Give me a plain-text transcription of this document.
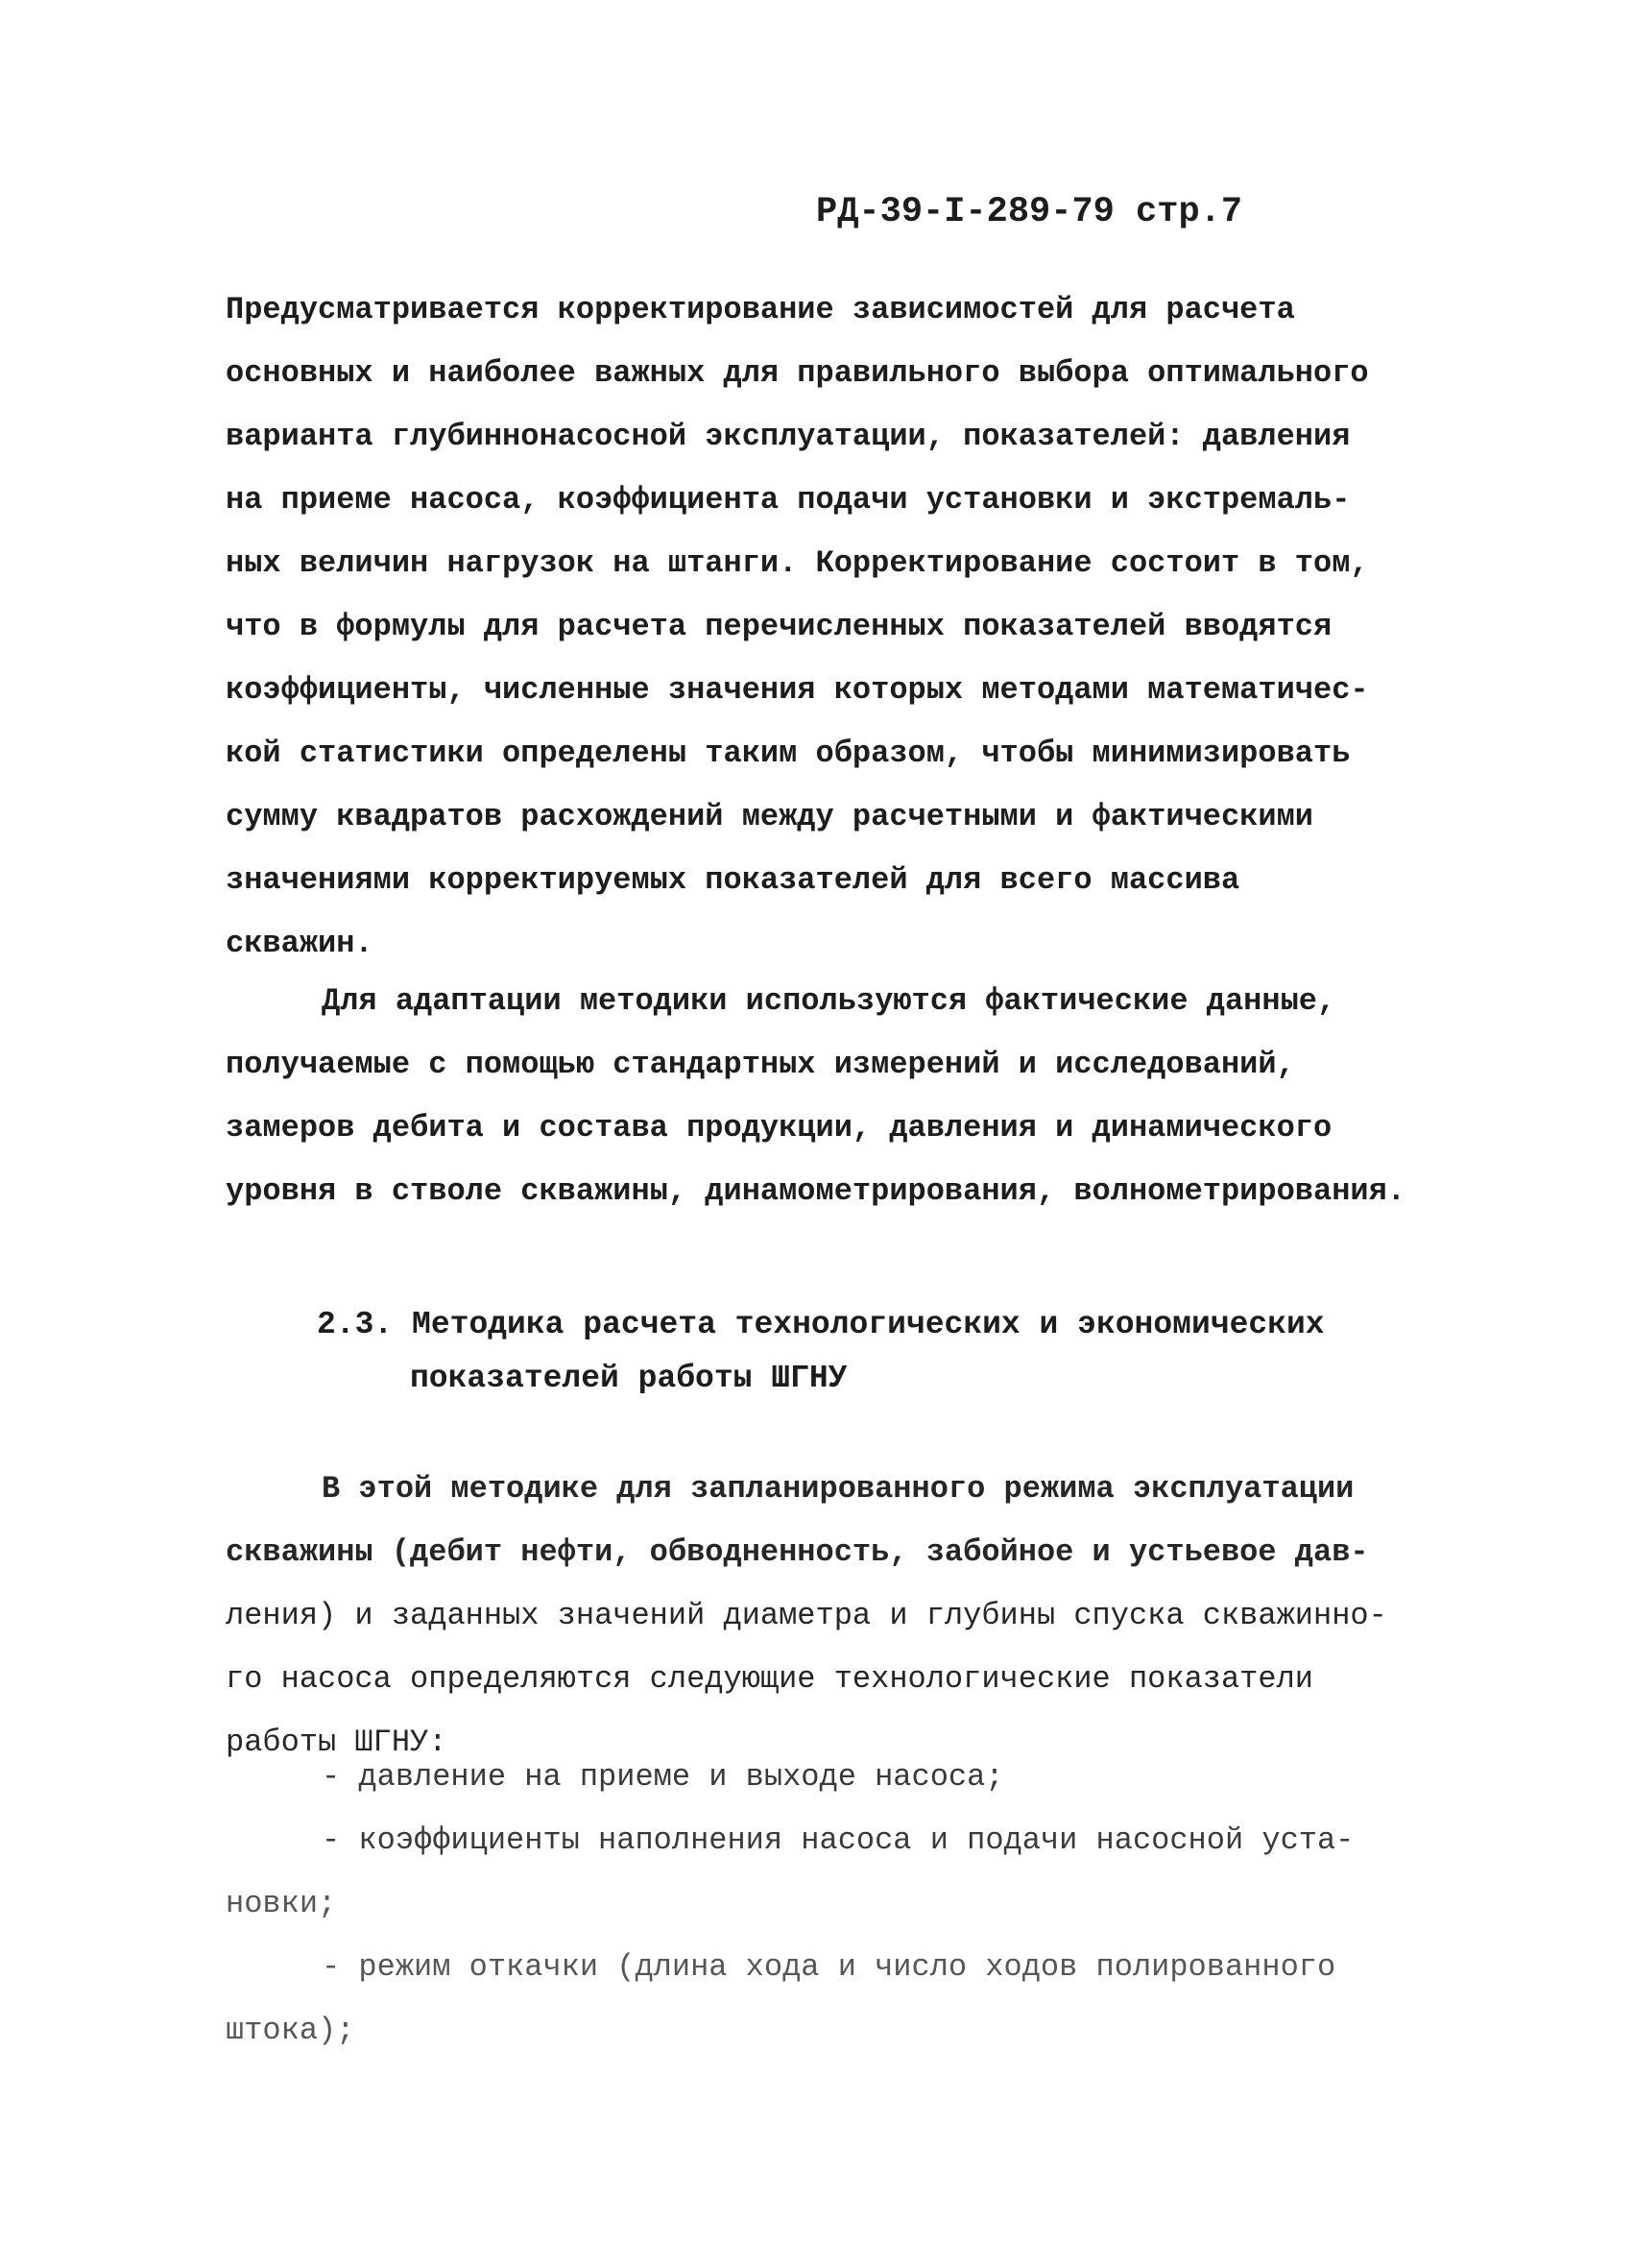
РД-39-I-289-79 стр.7
Предусматривается корректирование зависимостей для расчета
основных и наиболее важных для правильного выбора оптимального
варианта глубиннонасосной эксплуатации, показателей: давления
на приеме насоса, коэффициента подачи установки и экстремаль-
ных величин нагрузок на штанги. Корректирование состоит в том,
что в формулы для расчета перечисленных показателей вводятся
коэффициенты, численные значения которых методами математичес-
кой статистики определены таким образом, чтобы минимизировать
сумму квадратов расхождений между расчетными и фактическими
значениями корректируемых показателей для всего массива
скважин.
Для адаптации методики используются фактические данные,
получаемые с помощью стандартных измерений и исследований,
замеров дебита и состава продукции, давления и динамического
уровня в стволе скважины, динамометрирования, волнометрирования.
2.3. Методика расчета технологических и экономических
показателей работы ШГНУ
В этой методике для запланированного режима эксплуатации
скважины (дебит нефти, обводненность, забойное и устьевое дав-
ления) и заданных значений диаметра и глубины спуска скважинно-
го насоса определяются следующие технологические показатели
работы ШГНУ:
- давление на приеме и выходе насоса;
- коэффициенты наполнения насоса и подачи насосной уста-
новки;
- режим откачки (длина хода и число ходов полированного
штока);
